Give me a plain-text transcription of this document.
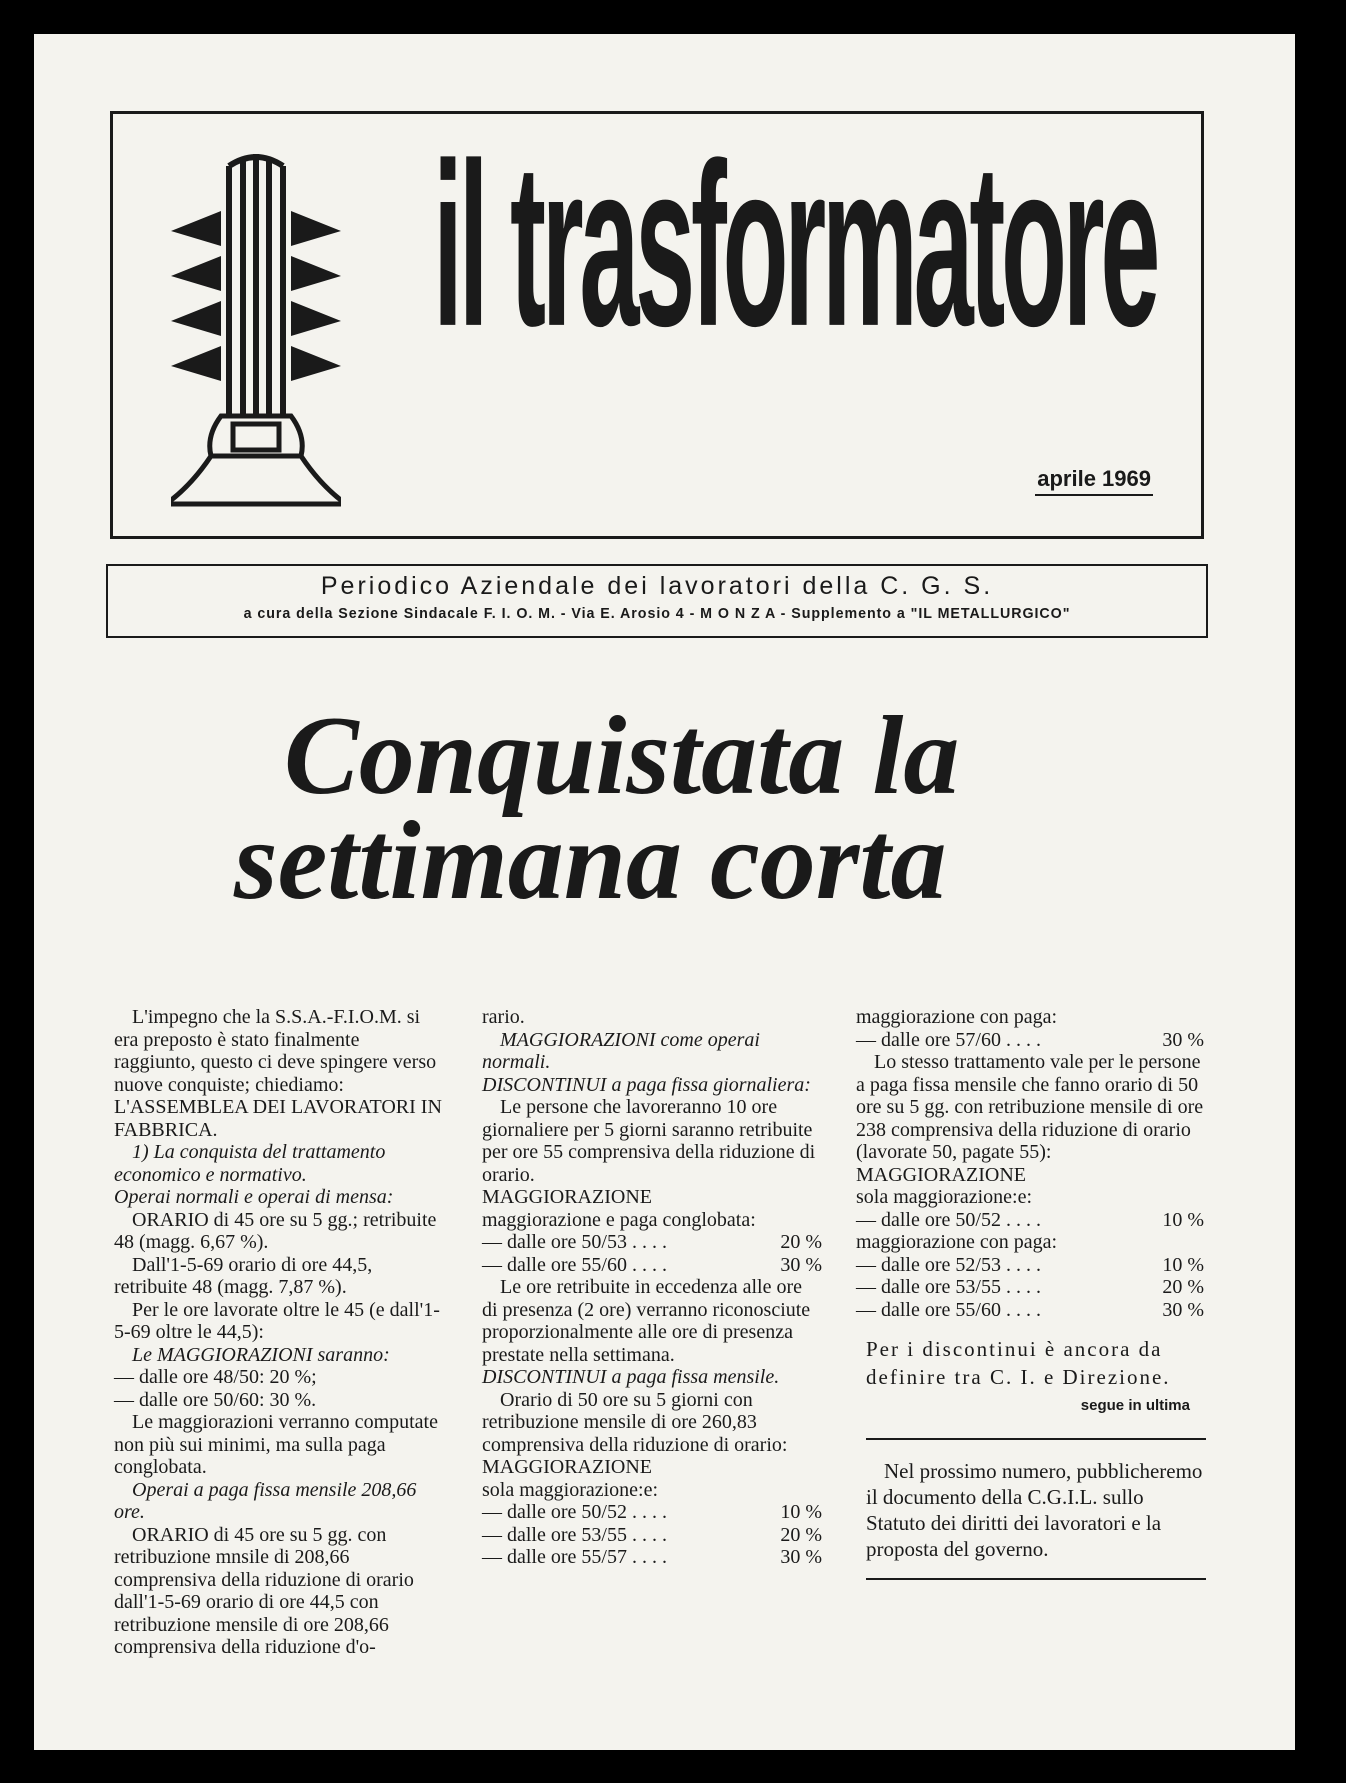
il trasformatore
aprile 1969
Periodico Aziendale dei lavoratori della C. G. S.
a cura della Sezione Sindacale F. I. O. M. - Via E. Arosio 4 - M O N Z A - Supplemento a "IL METALLURGICO"
Conquistata la
settimana corta

L'impegno che la S.S.A.-F.I.O.M. si era preposto è stato finalmente raggiunto, questo ci deve spingere verso nuove conquiste; chiediamo: L'ASSEMBLEA DEI LAVORATORI IN FABBRICA.

1) La conquista del trattamento economico e normativo.

Operai normali e operai di mensa:

ORARIO di 45 ore su 5 gg.; retribuite 48 (magg. 6,67 %).

Dall'1-5-69 orario di ore 44,5, retribuite 48 (magg. 7,87 %).

Per le ore lavorate oltre le 45 (e dall'1-5-69 oltre le 44,5):

Le MAGGIORAZIONI saranno:

— dalle ore 48/50: 20 %;

— dalle ore 50/60: 30 %.

Le maggiorazioni verranno computate non più sui minimi, ma sulla paga conglobata.

Operai a paga fissa mensile 208,66 ore.

ORARIO di 45 ore su 5 gg. con retribuzione mnsile di 208,66 comprensiva della riduzione di orario dall'1-5-69 orario di ore 44,5 con retribuzione mensile di ore 208,66 comprensiva della riduzione d'o-

rario.

MAGGIORAZIONI come operai normali.

DISCONTINUI a paga fissa giornaliera:

Le persone che lavoreranno 10 ore giornaliere per 5 giorni saranno retribuite per ore 55 comprensiva della riduzione di orario.

MAGGIORAZIONE

maggiorazione e paga conglobata:

— dalle ore 50/53 . . . .	20 %
— dalle ore 55/60 . . . .	30 %

Le ore retribuite in eccedenza alle ore di presenza (2 ore) verranno riconosciute proporzionalmente alle ore di presenza prestate nella settimana.

DISCONTINUI a paga fissa mensile.

Orario di 50 ore su 5 giorni con retribuzione mensile di ore 260,83 comprensiva della riduzione di orario:

MAGGIORAZIONE

sola maggiorazione:e:

— dalle ore 50/52 . . . .	10 %
— dalle ore 53/55 . . . .	20 %
— dalle ore 55/57 . . . .	30 %

maggiorazione con paga:

— dalle ore 57/60 . . . .	30 %

Lo stesso trattamento vale per le persone a paga fissa mensile che fanno orario di 50 ore su 5 gg. con retribuzione mensile di ore 238 comprensiva della riduzione di orario (lavorate 50, pagate 55):

MAGGIORAZIONE

sola maggiorazione:e:

— dalle ore 50/52 . . . .	10 %

maggiorazione con paga:

— dalle ore 52/53 . . . .	10 %
— dalle ore 53/55 . . . .	20 %
— dalle ore 55/60 . . . .	30 %

Per i discontinui è ancora da definire tra C. I. e Direzione.

segue in ultima

Nel prossimo numero, pubblicheremo il documento della C.G.I.L. sullo Statuto dei diritti dei lavoratori e la proposta del governo.
